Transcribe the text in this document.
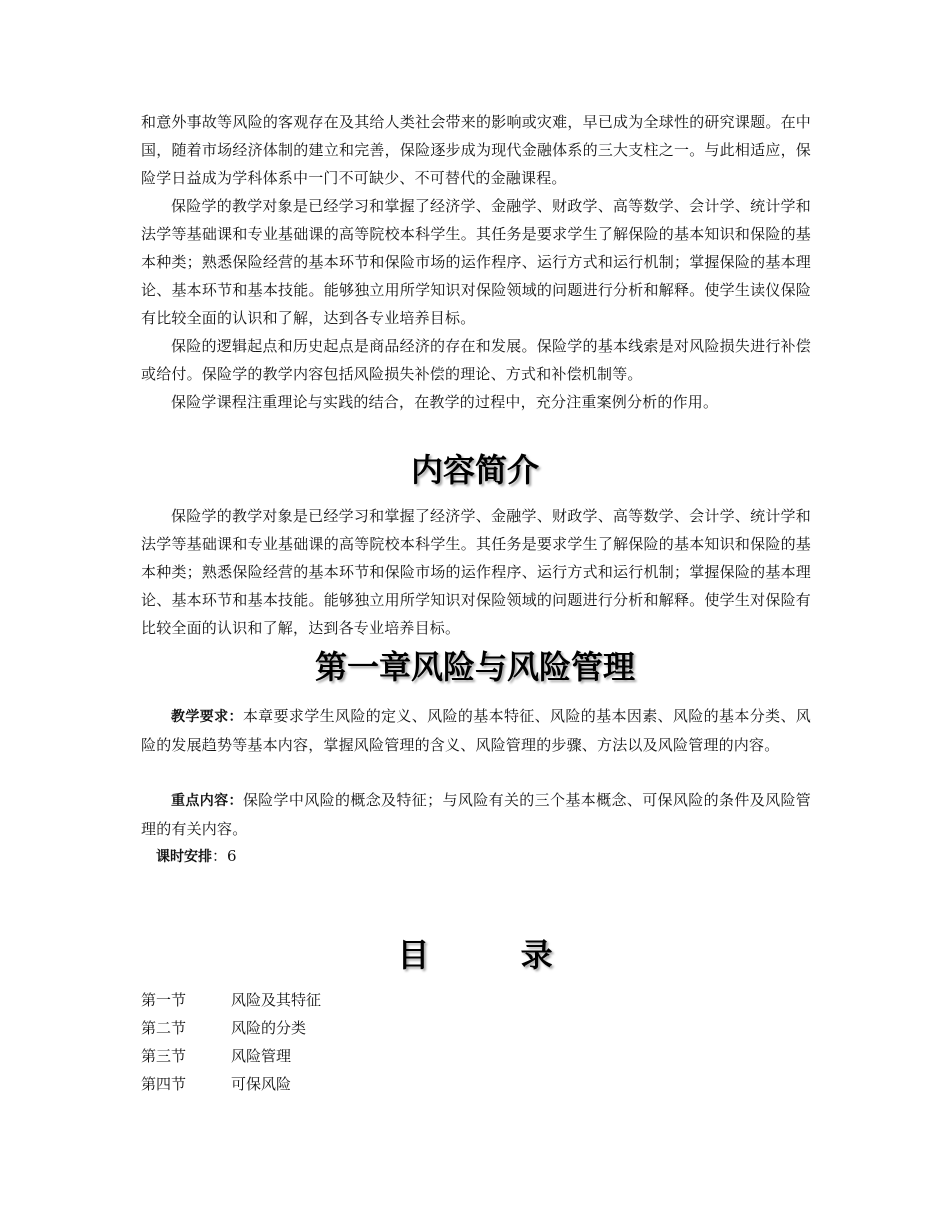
和意外事故等风险的客观存在及其给人类社会带来的影响或灾难，早已成为全球性的研究课题。在中国，随着市场经济体制的建立和完善，保险逐步成为现代金融体系的三大支柱之一。与此相适应，保险学日益成为学科体系中一门不可缺少、不可替代的金融课程。

保险学的教学对象是已经学习和掌握了经济学、金融学、财政学、高等数学、会计学、统计学和法学等基础课和专业基础课的高等院校本科学生。其任务是要求学生了解保险的基本知识和保险的基本种类；熟悉保险经营的基本环节和保险市场的运作程序、运行方式和运行机制；掌握保险的基本理论、基本环节和基本技能。能够独立用所学知识对保险领域的问题进行分析和解释。使学生读仪保险有比较全面的认识和了解，达到各专业培养目标。

保险的逻辑起点和历史起点是商品经济的存在和发展。保险学的基本线索是对风险损失进行补偿或给付。保险学的教学内容包括风险损失补偿的理论、方式和补偿机制等。

保险学课程注重理论与实践的结合，在教学的过程中，充分注重案例分析的作用。

内容简介

保险学的教学对象是已经学习和掌握了经济学、金融学、财政学、高等数学、会计学、统计学和法学等基础课和专业基础课的高等院校本科学生。其任务是要求学生了解保险的基本知识和保险的基本种类；熟悉保险经营的基本环节和保险市场的运作程序、运行方式和运行机制；掌握保险的基本理论、基本环节和基本技能。能够独立用所学知识对保险领域的问题进行分析和解释。使学生对保险有比较全面的认识和了解，达到各专业培养目标。

第一章风险与风险管理

教学要求：本章要求学生风险的定义、风险的基本特征、风险的基本因素、风险的基本分类、风险的发展趋势等基本内容，掌握风险管理的含义、风险管理的步骤、方法以及风险管理的内容。

重点内容：保险学中风险的概念及特征；与风险有关的三个基本概念、可保风险的条件及风险管理的有关内容。

课时安排：6

目 录

第一节	风险及其特征

第二节	风险的分类

第三节	风险管理

第四节	可保风险
